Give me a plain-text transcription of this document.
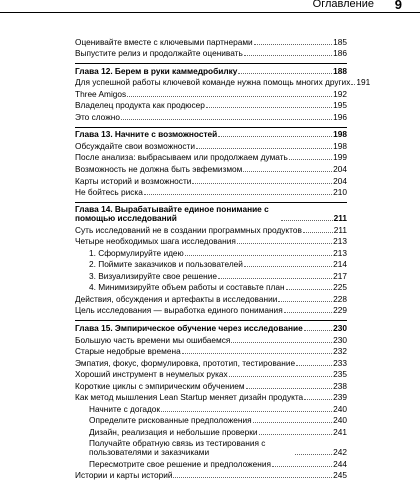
Оглавление 9
Оценивайте вместе с ключевыми партнерами	185
Выпустите релиз и продолжайте оценивать	186
Глава 12. Берем в руки каммедробилку	188
Для успешной работы ключевой команде нужна помощь многих других 191
Three Amigos	192
Владелец продукта как продюсер	195
Это сложно	196
Глава 13. Начните с возможностей	198
Обсуждайте свои возможности	198
После анализа: выбрасываем или продолжаем думать	199
Возможность не должна быть эвфемизмом	204
Карты историй и возможности	204
Не бойтесь риска	210
Глава 14. Вырабатывайте единое понимание с помощью исследований	211
Суть исследований не в создании программных продуктов	211
Четыре необходимых шага исследования	213
1. Сформулируйте идею	213
2. Поймите заказчиков и пользователей	214
3. Визуализируйте свое решение	217
4. Минимизируйте объем работы и составьте план	225
Действия, обсуждения и артефакты в исследовании	228
Цель исследования — выработка единого понимания	229
Глава 15. Эмпирическое обучение через исследование	230
Большую часть времени мы ошибаемся	230
Старые недобрые времена	232
Эмпатия, фокус, формулировка, прототип, тестирование	233
Хороший инструмент в неумелых руках	235
Короткие циклы с эмпирическим обучением	238
Как метод мышления Lean Startup меняет дизайн продукта	239
Начните с догадок	240
Определите рискованные предположения	240
Дизайн, реализация и небольшие проверки	241
Получайте обратную связь из тестирования с пользователями и заказчиками	242
Пересмотрите свое решение и предположения	244
Истории и карты историй	245
